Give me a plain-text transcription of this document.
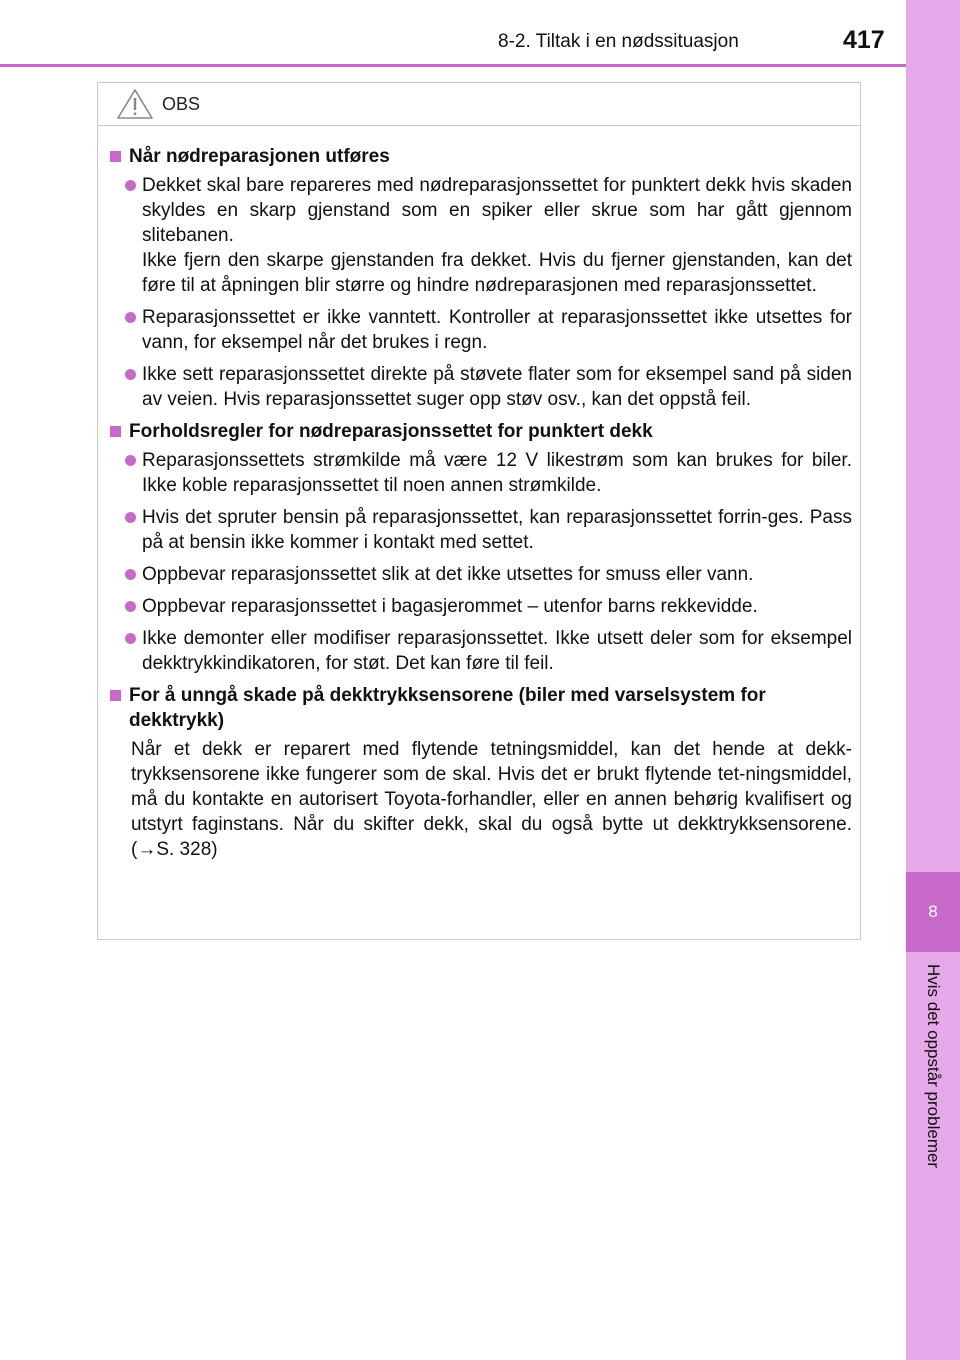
8
Hvis det oppstår problemer
8-2. Tiltak i en nødssituasjon	417
OBS
Når nødreparasjonen utføres
Dekket skal bare repareres med nødreparasjonssettet for punktert dekk hvis skaden skyldes en skarp gjenstand som en spiker eller skrue som har gått gjennom slitebanen.
Ikke fjern den skarpe gjenstanden fra dekket. Hvis du fjerner gjenstanden, kan det føre til at åpningen blir større og hindre nødreparasjonen med reparasjonssettet.
Reparasjonssettet er ikke vanntett. Kontroller at reparasjonssettet ikke utsettes for vann, for eksempel når det brukes i regn.
Ikke sett reparasjonssettet direkte på støvete flater som for eksempel sand på siden av veien. Hvis reparasjonssettet suger opp støv osv., kan det oppstå feil.
Forholdsregler for nødreparasjonssettet for punktert dekk
Reparasjonssettets strømkilde må være 12 V likestrøm som kan brukes for biler. Ikke koble reparasjonssettet til noen annen strømkilde.
Hvis det spruter bensin på reparasjonssettet, kan reparasjonssettet forrin-ges. Pass på at bensin ikke kommer i kontakt med settet.
Oppbevar reparasjonssettet slik at det ikke utsettes for smuss eller vann.
Oppbevar reparasjonssettet i bagasjerommet – utenfor barns rekkevidde.
Ikke demonter eller modifiser reparasjonssettet. Ikke utsett deler som for eksempel dekktrykkindikatoren, for støt. Det kan føre til feil.
For å unngå skade på dekktrykksensorene (biler med varselsystem for dekktrykk)
Når et dekk er reparert med flytende tetningsmiddel, kan det hende at dekk-trykksensorene ikke fungerer som de skal. Hvis det er brukt flytende tet-ningsmiddel, må du kontakte en autorisert Toyota-forhandler, eller en annen behørig kvalifisert og utstyrt faginstans. Når du skifter dekk, skal du også bytte ut dekktrykksensorene. (→S. 328)
